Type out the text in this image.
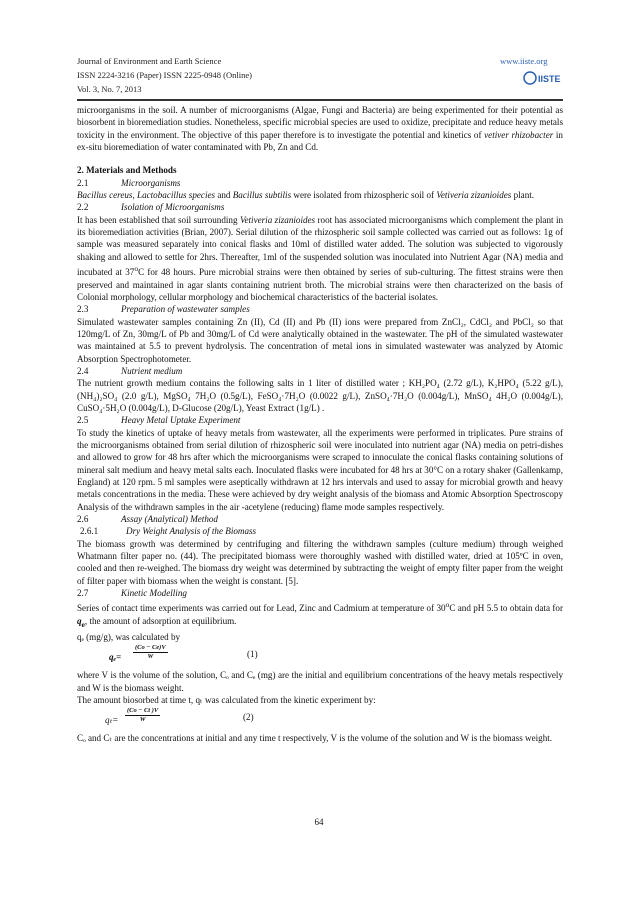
Journal of Environment and Earth Science
ISSN 2224-3216 (Paper) ISSN 2225-0948 (Online)
Vol. 3, No. 7, 2013
www.iiste.org
IISTE

microorganisms in the soil. A number of microorganisms (Algae, Fungi and Bacteria) are being experimented for their potential as biosorbent in bioremediation studies. Nonetheless, specific microbial species are used to oxidize, precipitate and reduce heavy metals toxicity in the environment. The objective of this paper therefore is to investigate the potential and kinetics of vetiver rhizobacter in ex-situ bioremediation of water contaminated with Pb, Zn and Cd.

2. Materials and Methods

2.1	Microorganisms

Bacillus cereus, Lactobacillus species and Bacillus subtilis were isolated from rhizospheric soil of Vetiveria zizanioides plant.

2.2	Isolation of Microorganisms

It has been established that soil surrounding Vetiveria zizanioides root has associated microorganisms which complement the plant in its bioremediation activities (Brian, 2007). Serial dilution of the rhizospheric soil sample collected was carried out as follows: 1g of sample was measured separately into conical flasks and 10ml of distilled water added. The solution was subjected to vigorously shaking and allowed to settle for 2hrs. Thereafter, 1ml of the suspended solution was inoculated into Nutrient Agar (NA) media and incubated at 37$^o$C for 48 hours. Pure microbial strains were then obtained by series of sub-culturing. The fittest strains were then preserved and maintained in agar slants containing nutrient broth. The microbial strains were then characterized on the basis of Colonial morphology, cellular morphology and biochemical characteristics of the bacterial isolates.

2.3	Preparation of wastewater samples

Simulated wastewater samples containing Zn (II), Cd (II) and Pb (II) ions were prepared from ZnCl₂, CdCl₂ and PbCl₂ so that 120mg/L of Zn, 30mg/L of Pb and 30mg/L of Cd were analytically obtained in the wastewater. The pH of the simulated wastewater was maintained at 5.5 to prevent hydrolysis. The concentration of metal ions in simulated wastewater was analyzed by Atomic Absorption Spectrophotometer.

2.4	Nutrient medium

The nutrient growth medium contains the following salts in 1 liter of distilled water ; KH₂PO₄ (2.72 g/L), K₂HPO₄ (5.22 g/L), (NH₄)₂SO₄ (2.0 g/L), MgSO₄ 7H₂O (0.5g/L), FeSO₄·7H₂O (0.0022 g/L), ZnSO₄·7H₂O (0.004g/L), MnSO₄ 4H₂O (0.004g/L), CuSO₄·5H₂O (0.004g/L), D-Glucose (20g/L), Yeast Extract (1g/L) .

2.5	Heavy Metal Uptake Experiment

To study the kinetics of uptake of heavy metals from wastewater, all the experiments were performed in triplicates. Pure strains of the microorganisms obtained from serial dilution of rhizospheric soil were inoculated into nutrient agar (NA) media on petri-dishes and allowed to grow for 48 hrs after which the microorganisms were scraped to innoculate the conical flasks containing solutions of mineral salt medium and heavy metal salts each. Inoculated flasks were incubated for 48 hrs at 30°C on a rotary shaker (Gallenkamp, England) at 120 rpm. 5 ml samples were aseptically withdrawn at 12 hrs intervals and used to assay for microbial growth and heavy metals concentrations in the media. These were achieved by dry weight analysis of the biomass and Atomic Absorption Spectroscopy Analysis of the withdrawn samples in the air -acetylene (reducing) flame mode samples respectively.

2.6	Assay (Analytical) Method

2.6.1	Dry Weight Analysis of the Biomass

The biomass growth was determined by centrifuging and filtering the withdrawn samples (culture medium) through weighed Whatmann filter paper no. (44). The precipitated biomass were thoroughly washed with distilled water, dried at 105ºC in oven, cooled and then re-weighed. The biomass dry weight was determined by subtracting the weight of empty filter paper from the weight of filter paper with biomass when the weight is constant. [5].

2.7	Kinetic Modelling

Series of contact time experiments was carried out for Lead, Zinc and Cadmium at temperature of 30$^o$C and pH 5.5 to obtain data for $q_e$, the amount of adsorption at equilibrium.

qₑ (mg/g), was calculated by

$q_e= \frac{(Co - Ce)V}{W}$	(1)

where V is the volume of the solution, Cₒ and Cₑ (mg) are the initial and equilibrium concentrations of the heavy metals respectively and W is the biomass weight.

The amount biosorbed at time t, qₜ was calculated from the kinetic experiment by:

$q_t= \frac{(Co - Ct )V}{W}$	(2)

Cₒ and Cₜ are the concentrations at initial and any time t respectively, V is the volume of the solution and W is the biomass weight.

64
